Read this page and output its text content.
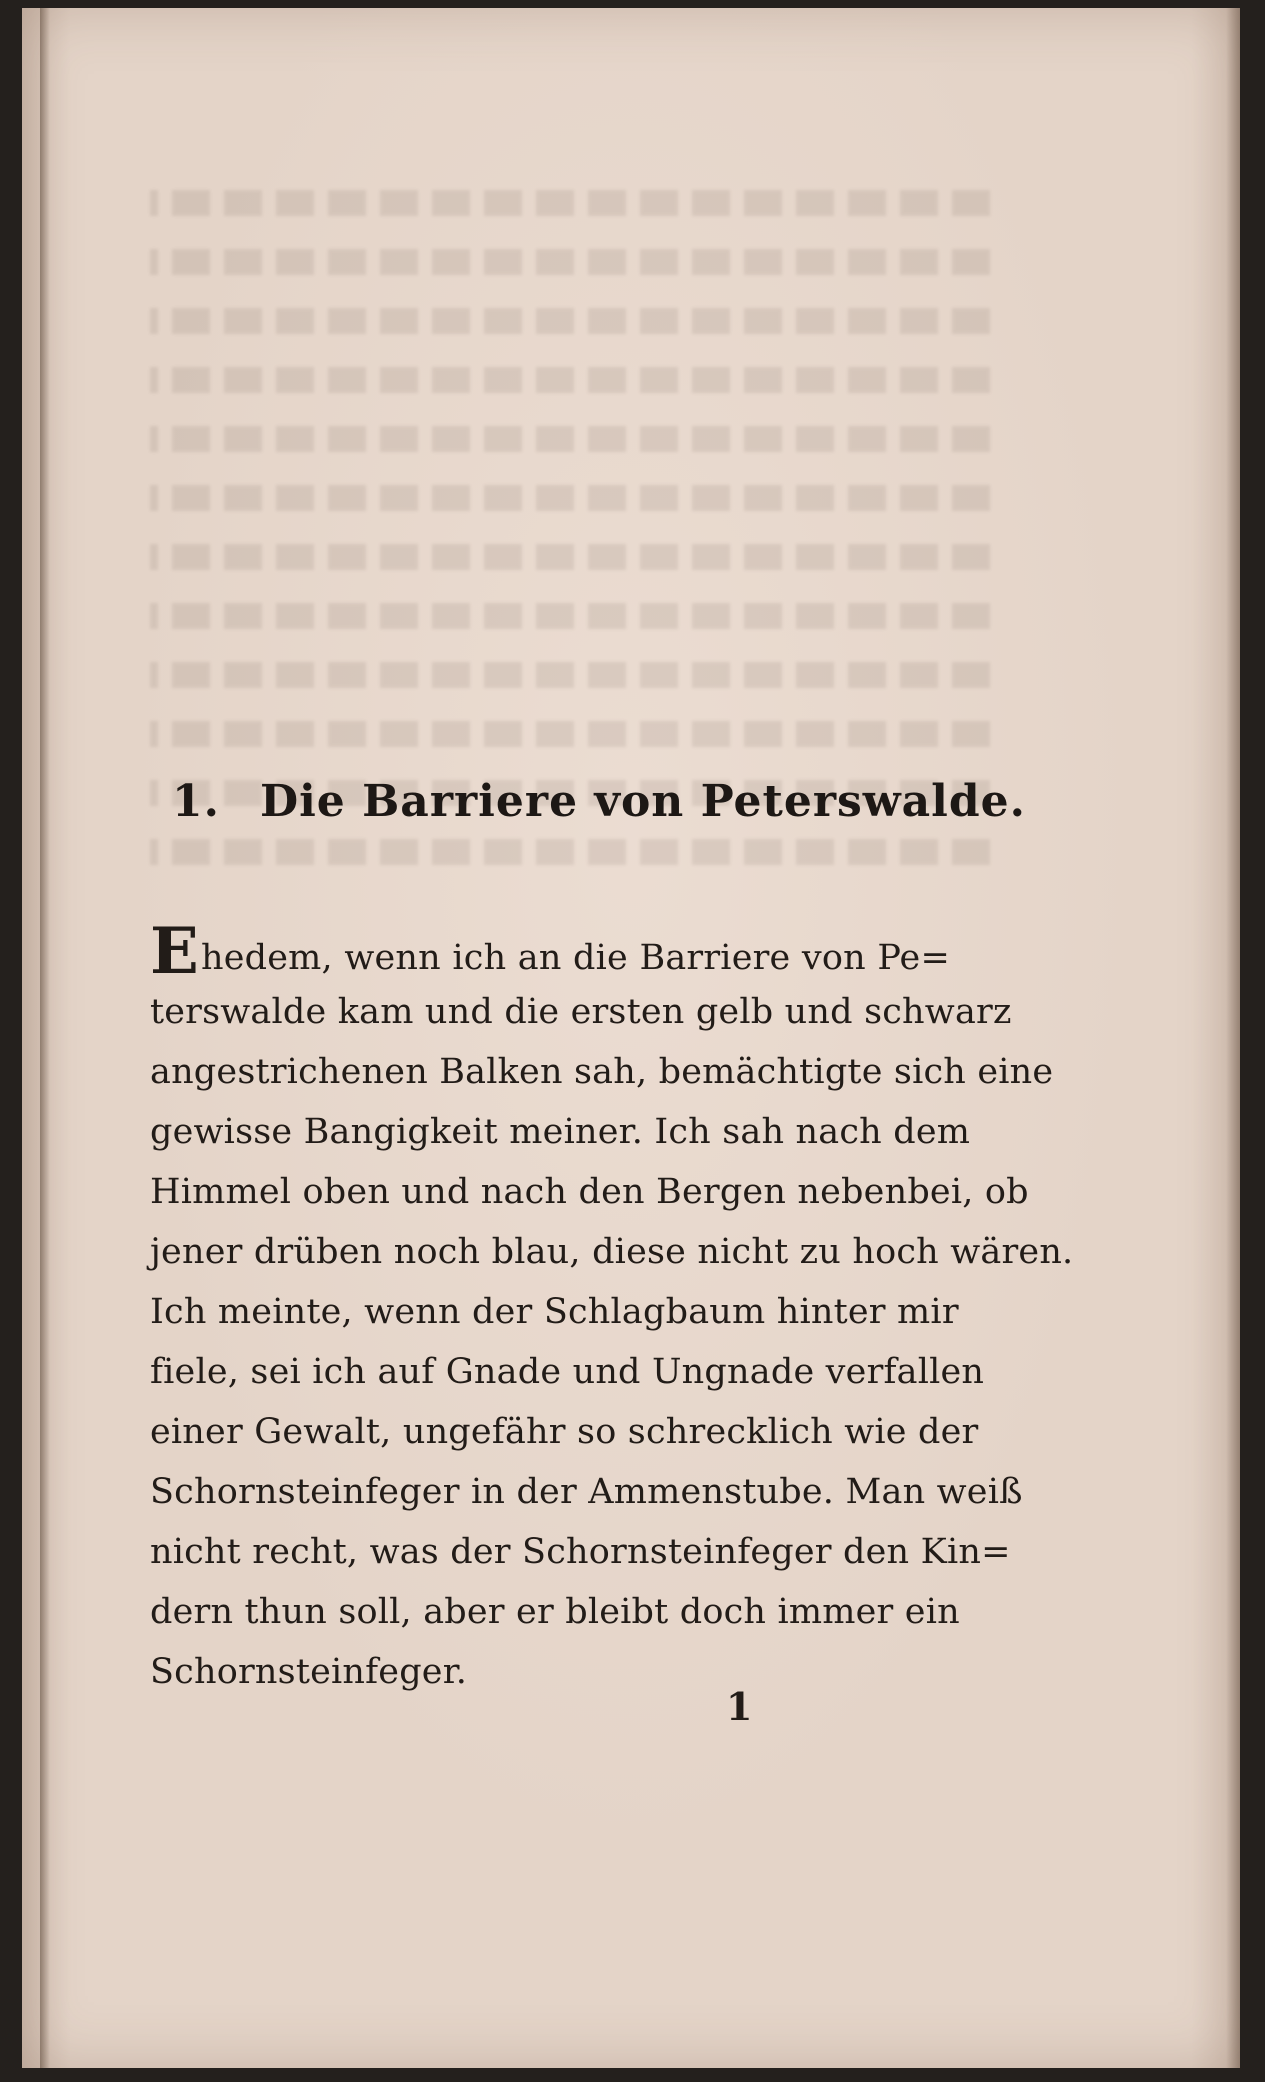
1. Die Barriere von Peterswalde.
Ehedem, wenn ich an die Barriere von Pe=
terswalde kam und die ersten gelb und schwarz
angestrichenen Balken sah, bemächtigte sich eine
gewisse Bangigkeit meiner. Ich sah nach dem
Himmel oben und nach den Bergen nebenbei, ob
jener drüben noch blau, diese nicht zu hoch wären.
Ich meinte, wenn der Schlagbaum hinter mir
fiele, sei ich auf Gnade und Ungnade verfallen
einer Gewalt, ungefähr so schrecklich wie der
Schornsteinfeger in der Ammenstube. Man weiß
nicht recht, was der Schornsteinfeger den Kin=
dern thun soll, aber er bleibt doch immer ein
Schornsteinfeger.
1
